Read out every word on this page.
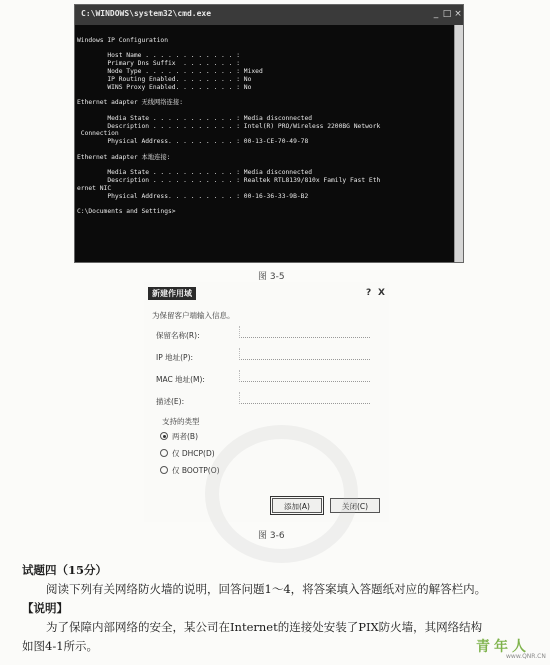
C:\WINDOWS\system32\cmd.exe	_ □ ×
Windows IP Configuration
Host Name . . . . . . . . . . . . :
Primary Dns Suffix  . . . . . . . :
Node Type . . . . . . . . . . . . : Mixed
IP Routing Enabled. . . . . . . . : No
WINS Proxy Enabled. . . . . . . . : No
Ethernet adapter 无线网络连接:
Media State . . . . . . . . . . . : Media disconnected
Description . . . . . . . . . . . : Intel(R) PRO/Wireless 2200BG Network
Connection
Physical Address. . . . . . . . . : 00-13-CE-70-49-78
Ethernet adapter 本地连接:
Media State . . . . . . . . . . . : Media disconnected
Description . . . . . . . . . . . : Realtek RTL8139/810x Family Fast Eth
ernet NIC
Physical Address. . . . . . . . . : 00-16-36-33-9B-B2
C:\Documents and Settings>
图 3-5
新建作用域	? X
为保留客户端输入信息。
保留名称(R):
IP 地址(P):
MAC 地址(M):
描述(E):
支持的类型
两者(B)
仅 DHCP(D)
仅 BOOTP(O)
添加(A)	关闭(C)
图 3-6
试题四（15分）
阅读下列有关网络防火墙的说明，回答问题1～4，将答案填入答题纸对应的解答栏内。
【说明】
为了保障内部网络的安全，某公司在Internet的连接处安装了PIX防火墙，其网络结构
如图4-1所示。	青年人
www.QNR.CN
